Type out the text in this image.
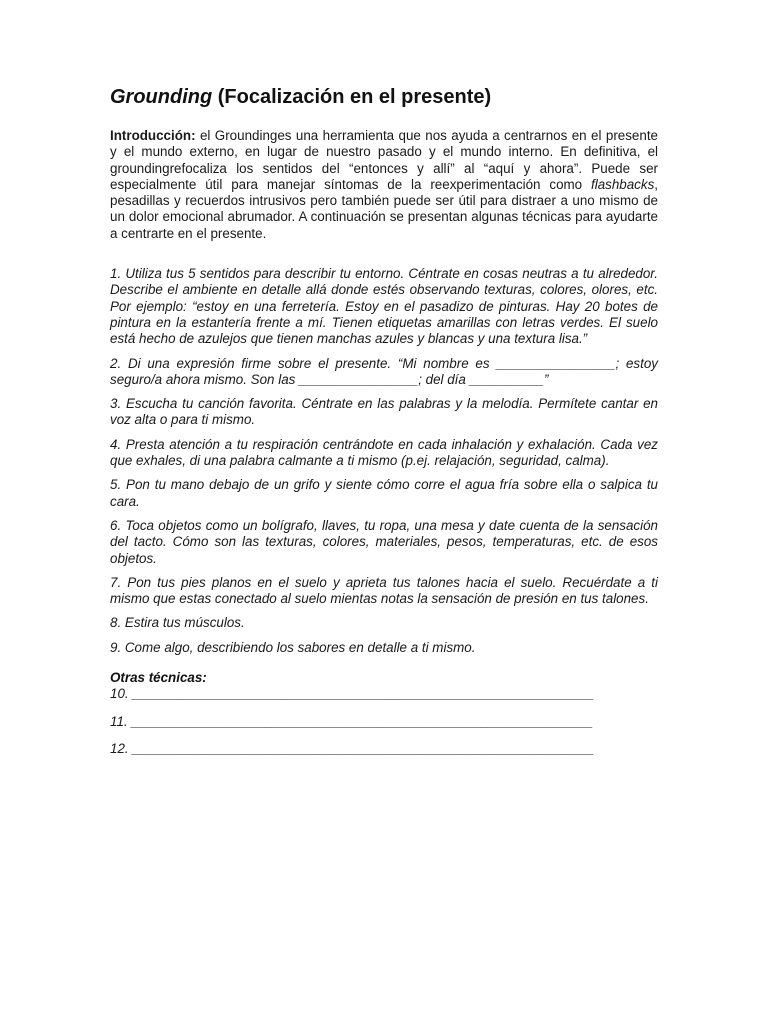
Grounding (Focalización en el presente)

Introducción: el Groundinges una herramienta que nos ayuda a centrarnos en el presente y el mundo externo, en lugar de nuestro pasado y el mundo interno. En definitiva, el groundingrefocaliza los sentidos del “entonces y allí” al “aquí y ahora”. Puede ser especialmente útil para manejar síntomas de la reexperimentación como flashbacks, pesadillas y recuerdos intrusivos pero también puede ser útil para distraer a uno mismo de un dolor emocional abrumador. A continuación se presentan algunas técnicas para ayudarte a centrarte en el presente.

1. Utiliza tus 5 sentidos para describir tu entorno. Céntrate en cosas neutras a tu alrededor. Describe el ambiente en detalle allá donde estés observando texturas, colores, olores, etc. Por ejemplo: “estoy en una ferretería. Estoy en el pasadizo de pinturas. Hay 20 botes de pintura en la estantería frente a mí. Tienen etiquetas amarillas con letras verdes. El suelo está hecho de azulejos que tienen manchas azules y blancas y una textura lisa.”

2. Di una expresión firme sobre el presente. “Mi nombre es ________________; estoy seguro/a ahora mismo. Son las ________________; del día __________”

3. Escucha tu canción favorita. Céntrate en las palabras y la melodía. Permítete cantar en voz alta o para ti mismo.

4. Presta atención a tu respiración centrándote en cada inhalación y exhalación. Cada vez que exhales, di una palabra calmante a ti mismo (p.ej. relajación, seguridad, calma).

5. Pon tu mano debajo de un grifo y siente cómo corre el agua fría sobre ella o salpica tu cara.

6. Toca objetos como un bolígrafo, llaves, tu ropa, una mesa y date cuenta de la sensación del tacto. Cómo son las texturas, colores, materiales, pesos, temperaturas, etc. de esos objetos.

7. Pon tus pies planos en el suelo y aprieta tus talones hacia el suelo. Recuérdate a ti mismo que estas conectado al suelo mientas notas la sensación de presión en tus talones.

8. Estira tus músculos.

9. Come algo, describiendo los sabores en detalle a ti mismo.

Otras técnicas:
10. ______________________________________________________________
11. ______________________________________________________________
12. ______________________________________________________________
